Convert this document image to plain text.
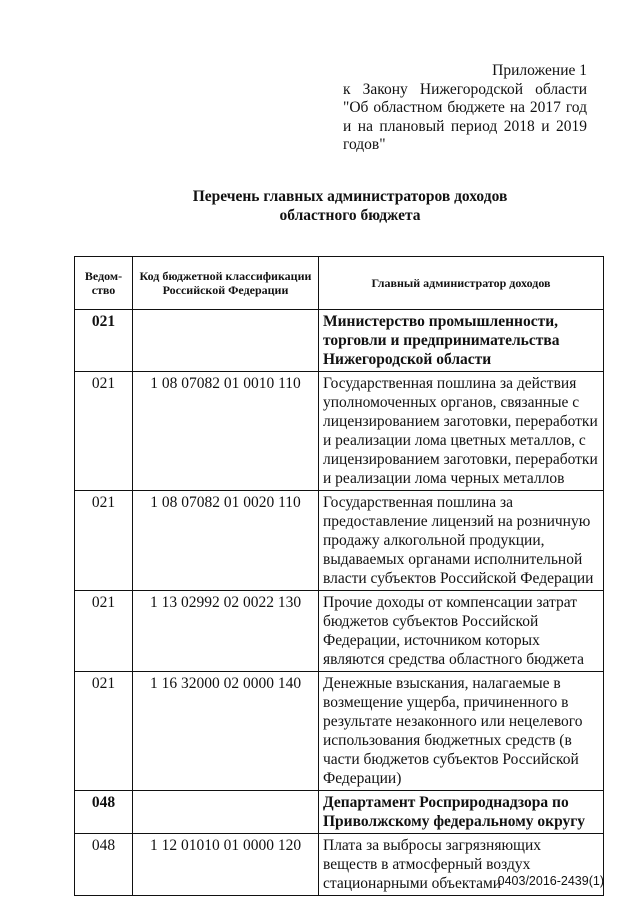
Приложение 1
к Закону Нижегородской области
"Об областном бюджете на 2017 год
и на плановый период 2018 и 2019
годов"
Перечень главных администраторов доходов
областного бюджета
Ведом-ство	Код бюджетной классификации Российской Федерации	Главный администратор доходов
021		Министерство промышленности, торговли и предпринимательства Нижегородской области
021	1 08 07082 01 0010 110	Государственная пошлина за действия уполномоченных органов, связанные с лицензированием заготовки, переработки и реализации лома цветных металлов, с лицензированием заготовки, переработки и реализации лома черных металлов
021	1 08 07082 01 0020 110	Государственная пошлина за предоставление лицензий на розничную продажу алкогольной продукции, выдаваемых органами исполнительной власти субъектов Российской Федерации
021	1 13 02992 02 0022 130	Прочие доходы от компенсации затрат бюджетов субъектов Российской Федерации, источником которых являются средства областного бюджета
021	1 16 32000 02 0000 140	Денежные взыскания, налагаемые в возмещение ущерба, причиненного в результате незаконного или нецелевого использования бюджетных средств (в части бюджетов субъектов Российской Федерации)
048		Департамент Росприроднадзора по Приволжскому федеральному округу
048	1 12 01010 01 0000 120	Плата за выбросы загрязняющих веществ в атмосферный воздух стационарными объектами
0403/2016-2439(1)
